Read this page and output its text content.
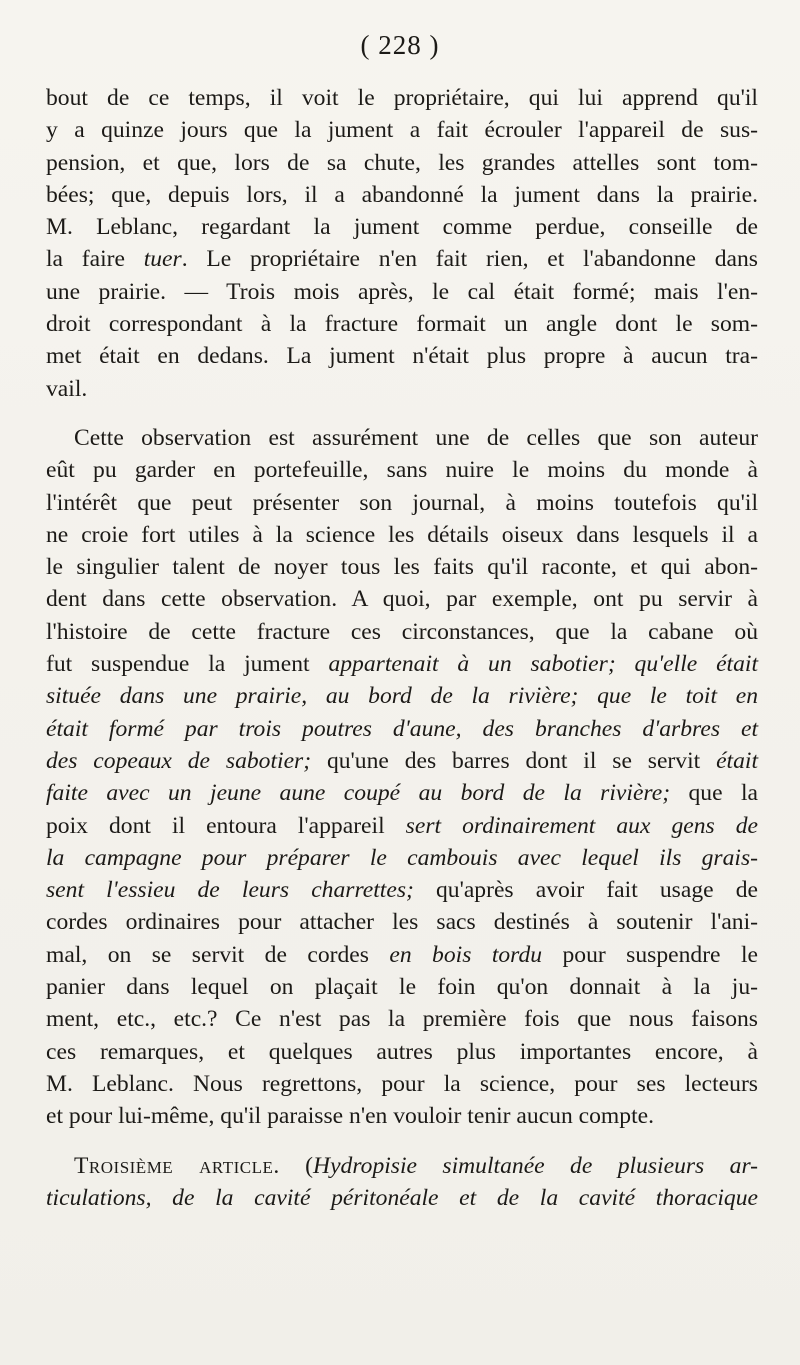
( 228 )
bout de ce temps, il voit le propriétaire, qui lui apprend qu'il
y a quinze jours que la jument a fait écrouler l'appareil de sus-
pension, et que, lors de sa chute, les grandes attelles sont tom-
bées; que, depuis lors, il a abandonné la jument dans la prairie.
M. Leblanc, regardant la jument comme perdue, conseille de
la faire tuer. Le propriétaire n'en fait rien, et l'abandonne dans
une prairie. — Trois mois après, le cal était formé; mais l'en-
droit correspondant à la fracture formait un angle dont le som-
met était en dedans. La jument n'était plus propre à aucun tra-
vail.
Cette observation est assurément une de celles que son auteur
eût pu garder en portefeuille, sans nuire le moins du monde à
l'intérêt que peut présenter son journal, à moins toutefois qu'il
ne croie fort utiles à la science les détails oiseux dans lesquels il a
le singulier talent de noyer tous les faits qu'il raconte, et qui abon-
dent dans cette observation. A quoi, par exemple, ont pu servir à
l'histoire de cette fracture ces circonstances, que la cabane où
fut suspendue la jument appartenait à un sabotier; qu'elle était
située dans une prairie, au bord de la rivière; que le toit en
était formé par trois poutres d'aune, des branches d'arbres et
des copeaux de sabotier; qu'une des barres dont il se servit était
faite avec un jeune aune coupé au bord de la rivière; que la
poix dont il entoura l'appareil sert ordinairement aux gens de
la campagne pour préparer le cambouis avec lequel ils grais-
sent l'essieu de leurs charrettes; qu'après avoir fait usage de
cordes ordinaires pour attacher les sacs destinés à soutenir l'ani-
mal, on se servit de cordes en bois tordu pour suspendre le
panier dans lequel on plaçait le foin qu'on donnait à la ju-
ment, etc., etc.? Ce n'est pas la première fois que nous faisons
ces remarques, et quelques autres plus importantes encore, à
M. Leblanc. Nous regrettons, pour la science, pour ses lecteurs
et pour lui-même, qu'il paraisse n'en vouloir tenir aucun compte.
Troisième article. (Hydropisie simultanée de plusieurs ar-
ticulations, de la cavité péritonéale et de la cavité thoracique
